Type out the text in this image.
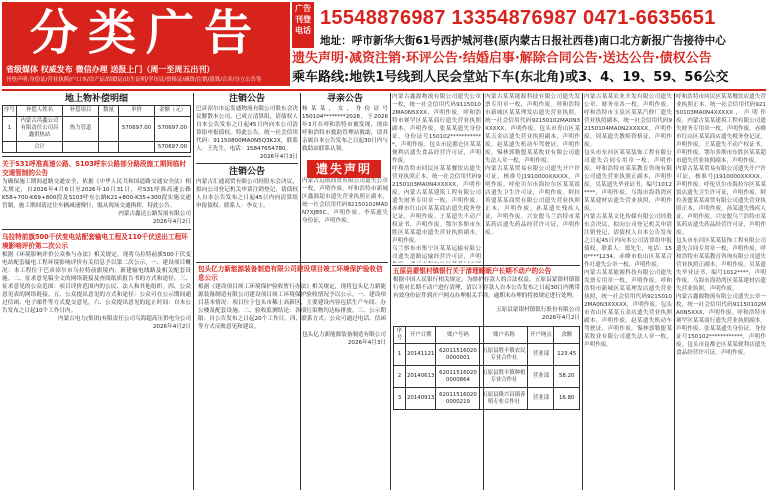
分类广告
省级媒体 权威发布 微信办理 送报上门（周一至周五出刊）
刊登声明:身份证/营业执照/户口本/房产证/结婚证/出生证明/学历证/资格证/减资/注销/清算/合并/分立公告等
广告刊登电话
15548876987 13354876987 0471-6635651
地址：呼市新华大街61号西护城河巷(原内蒙古日报社西巷)南口北方新报广告接待中心
遗失声明·减资注销·环评公告·结婚启事·解除合同公告·送达公告·债权公告
乘车路线:地铁1号线到人民会堂站下车(东北角)或3、4、19、59、56公交
地上物补偿明细
序号	补偿人姓名	补偿项目	数量	单价	金额（元）
1	内蒙古昌鑫公司有限责任公司昌鑫供热站	热力管道		570697.00	570697.00
	合计				570697.00
关于S31呼准高速公路、S103呼东公路部分路段施工期间临时交通管制的公告
为确保施工期间道路交通安全，依据《中华人民共和国道路交通安全法》相关规定，自2026年4月6日至2026年10月31日，对S31呼准高速公路K58+700-K69+800段及S103呼东公路K21+800-K35+300段实施交通管制，施工期间请过往车辆减速慢行，服从现场交通指挥，特此公告。
内蒙古鑫达公路发展有限公司
2026年4月2日
乌拉特前旗500千伏变电站配套输电工程及110千伏送出工程环境影响评价第二次公示
根据《环境影响评价公众参与办法》相关规定，现将乌拉特前旗500千伏变电站配套输电工程环境影响评价有关信息予以第二次公示。一、建设项目概况：本工程位于巴彦淖尔市乌拉特前旗境内，新建输电线路及相关配套设施。二、征求意见稿全文的网络链接及查阅纸质报告书的方式和途径。三、征求意见的公众范围：项目评价范围内的公民、法人和其他组织。四、公众意见表的网络链接。五、公众提出意见的方式和途径：公众可在公示期间通过信函、电子邮件等方式提交意见。六、公众提出意见的起止时间：自本公告发布之日起10个工作日内。
内蒙古电力(集团)有限责任公司乌海超高压供电分公司
2026年4月2日
注销公告
巴彦淖尔市运发通物流有限公司股东会决议解散本公司，已成立清算组，请债权人自本公告发布之日起45日内向本公司清算组申报债权，特此公告。统一社会信用代码：91150800MA0N5Q3K2X，联系人：王先生，电话：15847654780。
2026年4月3日
注销公告
内蒙古汇通商贸有限公司经股东会决议，拟向公司登记机关申请注销登记，请债权人自本公告发布之日起45日内向清算组申报债权。联系人：李女士。
包头亿力新能源装备制造有限公司建设项目竣工环境保护验收信息公示
根据《建设项目竣工环境保护验收暂行办法》相关规定，现将包头亿力新能源装备制造有限公司建设项目竣工环境保护验收情况予以公示。一、建设项目基本情况：项目位于包头市稀土高新区，主要建设内容包括生产车间、办公楼及配套设施。二、验收监测结论：各项污染物均达标排放。三、公示期限：自公告发布之日起20个工作日。四、联系方式：公众可通过电话、信函等方式反映意见和建议。
包头亿力新能源装备制造有限公司
2026年4月3日
寻亲公告
杨某某，女，身份证号150104********2028，于2026年3月在呼和浩特市被发现，现由呼和浩特市救助管理站救助，请其亲属自本公告发布之日起30日内与救助站联系认领。
内蒙古远航商贸有限公司遗失公章一枚，声明作废。呼和浩特市新城区鑫源超市遗失营业执照正副本，统一社会信用代码92150102MA0N7XJB5C，声明作废。李某遗失身份证，声明作废。
遗失声明
内蒙古鑫源物流有限公司遗失公章一枚，统一社会信用代码91150102MA0N5XXX，声明作废。呼和浩特市赛罕区某某商行遗失营业执照副本，声明作废。张某某遗失身份证，身份证号150102************，声明作废。包头市昆都仑区某某便利店遗失食品经营许可证，声明作废。
呼和浩特市回民区某某餐饮店遗失营业执照正本，统一社会信用代码92150103MA0N4XXXXX，声明作废。内蒙古某某建筑工程有限公司遗失财务专用章一枚，声明作废。赤峰市红山区某某商店遗失税务登记证，声明作废。王某遗失不动产权证书，声明作废。鄂尔多斯市东胜区某某超市遗失营业执照副本，声明作废。
乌兰察布市集宁区某某运输有限公司遗失道路运输经营许可证，声明
五原县蒙银村镇银行关于清理睡眠户长期不动户的公告
根据中国人民银行相关规定，为维护存款人的合法权益，五原县蒙银村镇银行将对长期不动户进行清理，请以下存款人自本公告发布之日起30日内携带有效身份证件到开户网点办理相关手续，逾期未办理的将按规定进行处理。
五原县蒙银村镇银行股份有限公司
2026年4月2日
序号	开户日期	账户号码	账户名称	开户网点	余额
1	20141121	620115160200000001	五原县胜丰镇农民专业合作社	营业部	123.45
2	20140613	620115160200000864	五原县胜丰镇种植专业合作社	营业部	58.20
3	20140913	620115160200000219	五原县隆兴昌镇养殖专业合作社	营业部	16.80
内蒙古某某能源科技有限公司遗失发票专用章一枚，声明作废。呼和浩特市新城区某某理发店遗失营业执照，统一社会信用代码92150102MA0N3XXXXX，声明作废。包头市青山区某某五金店遗失营业执照副本，声明作废。赵某遗失机动车驾驶证，声明作废。锡林郭勒盟某某牧业有限公司遗失法人章一枚，声明作废。
内蒙古某某贸易有限公司遗失开户许可证，核准号J1910000XXXXX，声明作废。呼伦贝尔市海拉尔区某某饭店遗失卫生许可证，声明作废。阿拉善盟某某商贸有限公司遗失营业执照正本，声明作废。孙某遗失残疾人证，声明作废。兴安盟乌兰浩特市某某药店遗失药品经营许可证，声明作废。
内蒙古某某农业开发有限公司遗失公章、财务章各一枚，声明作废。呼和浩特市玉泉区某某汽修厂遗失营业执照副本，统一社会信用代码92150104MA0N2XXXXX，声明作废。周某遗失教师资格证，声明作废。
包头市东河区某某装饰工程有限公司遗失合同专用章一枚，声明作废。呼和浩特市某某教育咨询有限公司遗失营业执照正副本，声明作废。吴某遗失毕业证书，编号1012****，声明作废。乌海市海勃湾区某某建材店遗失营业执照，声明作废。
内蒙古某某文化传媒有限公司经股东会决议，拟向公司登记机关申请注销登记，请债权人自本公告发布之日起45日内向本公司清算组申报债权。联系人：郑先生，电话：150****1234。赤峰市松山区某某合作社遗失公章一枚，声明作废。
内蒙古某某能源科技有限公司遗失发票专用章一枚，声明作废。呼和浩特市新城区某某理发店遗失营业执照，统一社会信用代码92150102MA0N3XXXXX，声明作废。包头市青山区某某五金店遗失营业执照副本，声明作废。赵某遗失机动车驾驶证，声明作废。锡林郭勒盟某某牧业有限公司遗失法人章一枚，声明作废。
呼和浩特市回民区某某餐饮店遗失营业执照正本，统一社会信用代码92150103MA0N4XXXXX，声明作废。内蒙古某某建筑工程有限公司遗失财务专用章一枚，声明作废。赤峰市红山区某某商店遗失税务登记证，声明作废。王某遗失不动产权证书，声明作废。鄂尔多斯市东胜区某某超市遗失营业执照副本，声明作废。
内蒙古某某贸易有限公司遗失开户许可证，核准号J1910000XXXXX，声明作废。呼伦贝尔市海拉尔区某某饭店遗失卫生许可证，声明作废。阿拉善盟某某商贸有限公司遗失营业执照正本，声明作废。孙某遗失残疾人证，声明作废。兴安盟乌兰浩特市某某药店遗失药品经营许可证，声明作废。
包头市东河区某某装饰工程有限公司遗失合同专用章一枚，声明作废。呼和浩特市某某教育咨询有限公司遗失营业执照正副本，声明作废。吴某遗失毕业证书，编号1012****，声明作废。乌海市海勃湾区某某建材店遗失营业执照，声明作废。
内蒙古鑫源物流有限公司遗失公章一枚，统一社会信用代码91150102MA0N5XXX，声明作废。呼和浩特市赛罕区某某商行遗失营业执照副本，声明作废。张某某遗失身份证，身份证号150102************，声明作废。包头市昆都仑区某某便利店遗失食品经营许可证，声明作废。
